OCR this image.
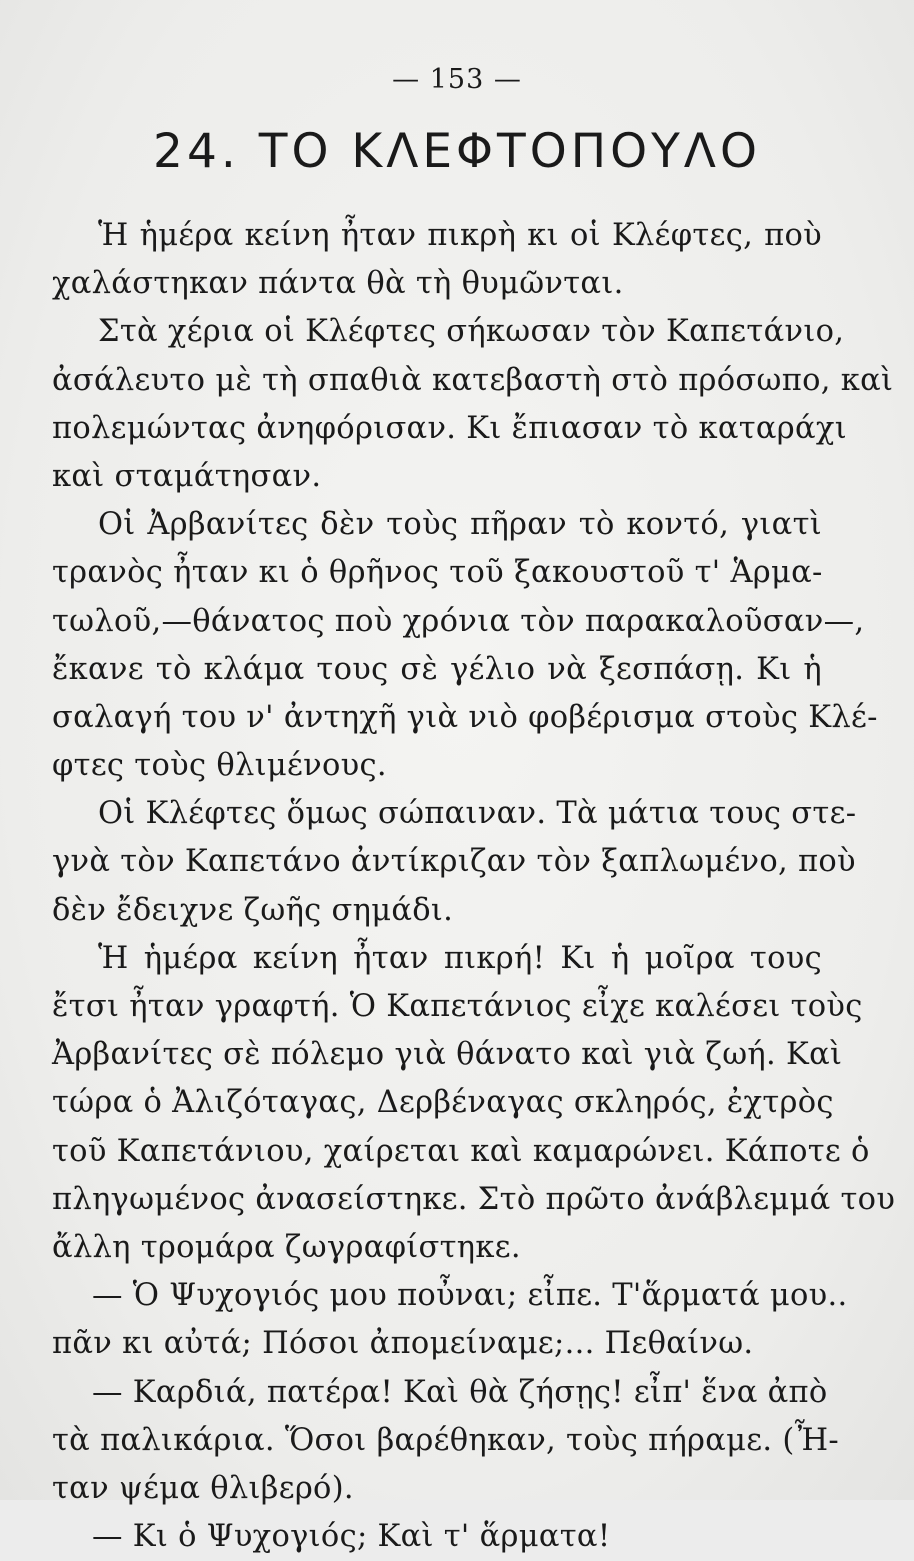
— 153 —
24. ΤΟ ΚΛΕΦΤΟΠΟΥΛΟ
Ἡ ἡμέρα κείνη ἦταν πικρὴ κι οἱ Κλέφτες, ποὺ
χαλάστηκαν πάντα θὰ τὴ θυμῶνται.
Στὰ χέρια οἱ Κλέφτες σήκωσαν τὸν Καπετάνιο,
ἀσάλευτο μὲ τὴ σπαθιὰ κατεβαστὴ στὸ πρόσωπο, καὶ
πολεμώντας ἀνηφόρισαν. Κι ἔπιασαν τὸ καταράχι
καὶ σταμάτησαν.
Οἱ Ἀρβανίτες δὲν τοὺς πῆραν τὸ κοντό, γιατὶ
τρανὸς ἦταν κι ὁ θρῆνος τοῦ ξακουστοῦ τ' Ἁρμα-
τωλοῦ,—θάνατος ποὺ χρόνια τὸν παρακαλοῦσαν—,
ἔκανε τὸ κλάμα τους σὲ γέλιο νὰ ξεσπάσῃ. Κι ἡ
σαλαγή του ν' ἀντηχῆ γιὰ νιὸ φοβέρισμα στοὺς Κλέ-
φτες τοὺς θλιμένους.
Οἱ Κλέφτες ὅμως σώπαιναν. Τὰ μάτια τους στε-
γνὰ τὸν Καπετάνο ἀντίκριζαν τὸν ξαπλωμένο, ποὺ
δὲν ἔδειχνε ζωῆς σημάδι.
Ἡ ἡμέρα κείνη ἦταν πικρή! Κι ἡ μοῖρα τους
ἔτσι ἦταν γραφτή. Ὁ Καπετάνιος εἶχε καλέσει τοὺς
Ἀρβανίτες σὲ πόλεμο γιὰ θάνατο καὶ γιὰ ζωή. Καὶ
τώρα ὁ Ἀλιζόταγας, Δερβέναγας σκληρός, ἐχτρὸς
τοῦ Καπετάνιου, χαίρεται καὶ καμαρώνει. Κάποτε ὁ
πληγωμένος ἀνασείστηκε. Στὸ πρῶτο ἀνάβλεμμά του
ἄλλη τρομάρα ζωγραφίστηκε.
— Ὁ Ψυχογιός μου ποὖναι; εἶπε. Τ'ἅρματά μου..
πᾶν κι αὐτά; Πόσοι ἀπομείναμε;... Πεθαίνω.
— Καρδιά, πατέρα! Καὶ θὰ ζήσῃς! εἶπ' ἕνα ἀπὸ
τὰ παλικάρια. Ὅσοι βαρέθηκαν, τοὺς πήραμε. (Ἦ-
ταν ψέμα θλιβερό).
— Κι ὁ Ψυχογιός; Καὶ τ' ἅρματα!
